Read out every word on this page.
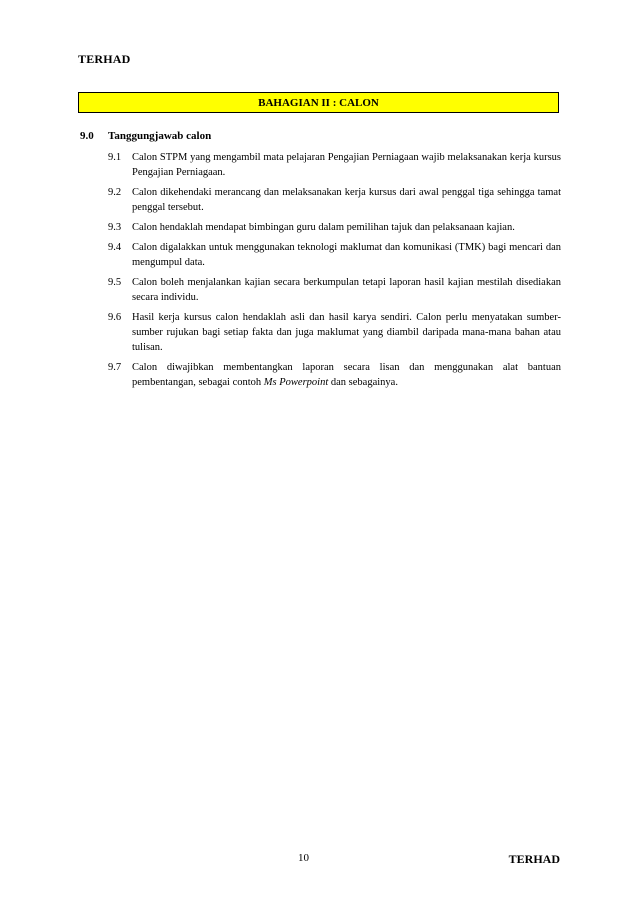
TERHAD
BAHAGIAN II : CALON
9.0	Tanggungjawab calon
9.1	Calon STPM yang mengambil mata pelajaran Pengajian Perniagaan wajib melaksanakan kerja kursus Pengajian Perniagaan.
9.2	Calon dikehendaki merancang dan melaksanakan kerja kursus dari awal penggal tiga sehingga tamat penggal tersebut.
9.3	Calon hendaklah mendapat bimbingan guru dalam pemilihan tajuk dan pelaksanaan kajian.
9.4	Calon digalakkan untuk menggunakan teknologi maklumat dan komunikasi (TMK) bagi mencari dan mengumpul data.
9.5	Calon boleh menjalankan kajian secara berkumpulan tetapi laporan hasil kajian mestilah disediakan secara individu.
9.6	Hasil kerja kursus calon hendaklah asli dan hasil karya sendiri. Calon perlu menyatakan sumber-sumber rujukan bagi setiap fakta dan juga maklumat yang diambil daripada mana-mana bahan atau tulisan.
9.7	Calon diwajibkan membentangkan laporan secara lisan dan menggunakan alat bantuan pembentangan, sebagai contoh Ms Powerpoint dan sebagainya.
10	TERHAD
